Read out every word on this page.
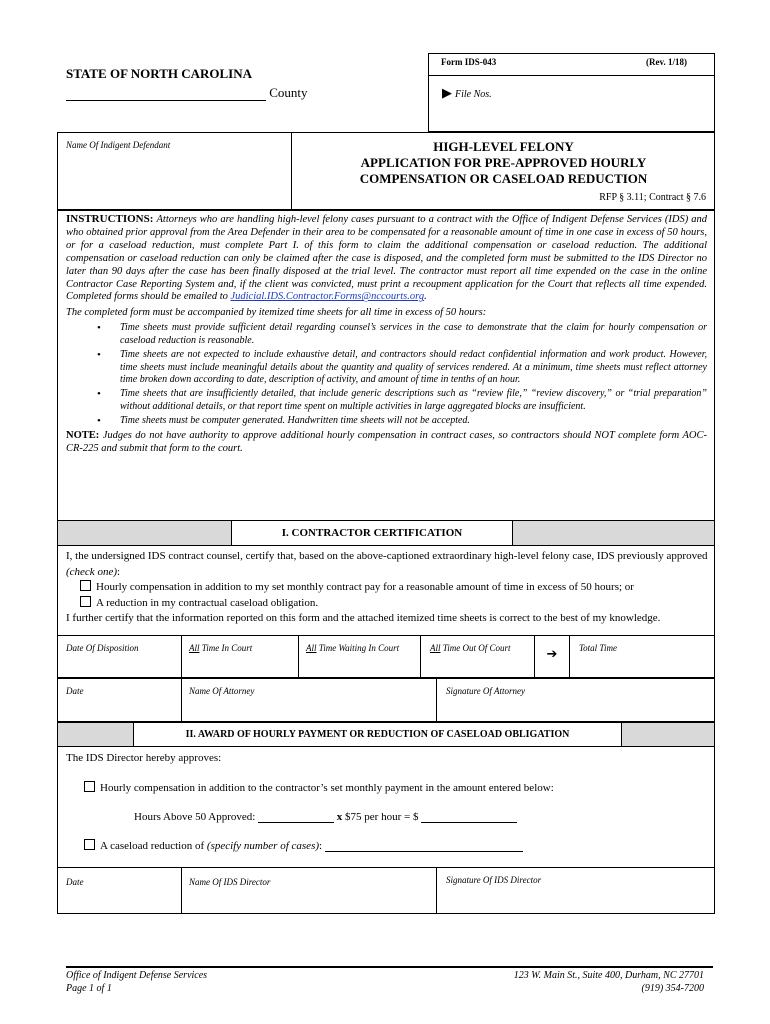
Form IDS-043	(Rev. 1/18)
▶ File Nos.
STATE OF NORTH CAROLINA
County
Name Of Indigent Defendant	HIGH-LEVEL FELONY
APPLICATION FOR PRE-APPROVED HOURLY
COMPENSATION OR CASELOAD REDUCTION
RFP § 3.11; Contract § 7.6

INSTRUCTIONS: Attorneys who are handling high-level felony cases pursuant to a contract with the Office of Indigent Defense Services (IDS) and who obtained prior approval from the Area Defender in their area to be compensated for a reasonable amount of time in one case in excess of 50 hours, or for a caseload reduction, must complete Part I. of this form to claim the additional compensation or caseload reduction. The additional compensation or caseload reduction can only be claimed after the case is disposed, and the completed form must be submitted to the IDS Director no later than 90 days after the case has been finally disposed at the trial level. The contractor must report all time expended on the case in the online Contractor Case Reporting System and, if the client was convicted, must print a recoupment application for the Court that reflects all time expended. Completed forms should be emailed to Judicial.IDS.Contractor.Forms@nccourts.org.

The completed form must be accompanied by itemized time sheets for all time in excess of 50 hours:

• Time sheets must provide sufficient detail regarding counsel’s services in the case to demonstrate that the claim for hourly compensation or caseload reduction is reasonable.
• Time sheets are not expected to include exhaustive detail, and contractors should redact confidential information and work product. However, time sheets must include meaningful details about the quantity and quality of services rendered. At a minimum, time sheets must reflect attorney time broken down according to date, description of activity, and amount of time in tenths of an hour.
• Time sheets that are insufficiently detailed, that include generic descriptions such as “review file,” “review discovery,” or “trial preparation” without additional details, or that report time spent on multiple activities in large aggregated blocks are insufficient.
• Time sheets must be computer generated. Handwritten time sheets will not be accepted.

NOTE: Judges do not have authority to approve additional hourly compensation in contract cases, so contractors should NOT complete form AOC-CR-225 and submit that form to the court.

I. CONTRACTOR CERTIFICATION

I, the undersigned IDS contract counsel, certify that, based on the above-captioned extraordinary high-level felony case, IDS previously approved (check one):

Hourly compensation in addition to my set monthly contract pay for a reasonable amount of time in excess of 50 hours; or

A reduction in my contractual caseload obligation.

I further certify that the information reported on this form and the attached itemized time sheets is correct to the best of my knowledge.

Date Of Disposition	All Time In Court	All Time Waiting In Court	All Time Out Of Court	➔	Total Time
Date	Name Of Attorney	Signature Of Attorney
II. AWARD OF HOURLY PAYMENT OR REDUCTION OF CASELOAD OBLIGATION
The IDS Director hereby approves:
Hourly compensation in addition to the contractor’s set monthly payment in the amount entered below:
Hours Above 50 Approved:	x $75 per hour = $
A caseload reduction of (specify number of cases):
Date	Name Of IDS Director	Signature Of IDS Director
Office of Indigent Defense Services
Page 1 of 1
123 W. Main St., Suite 400, Durham, NC 27701
(919) 354-7200
